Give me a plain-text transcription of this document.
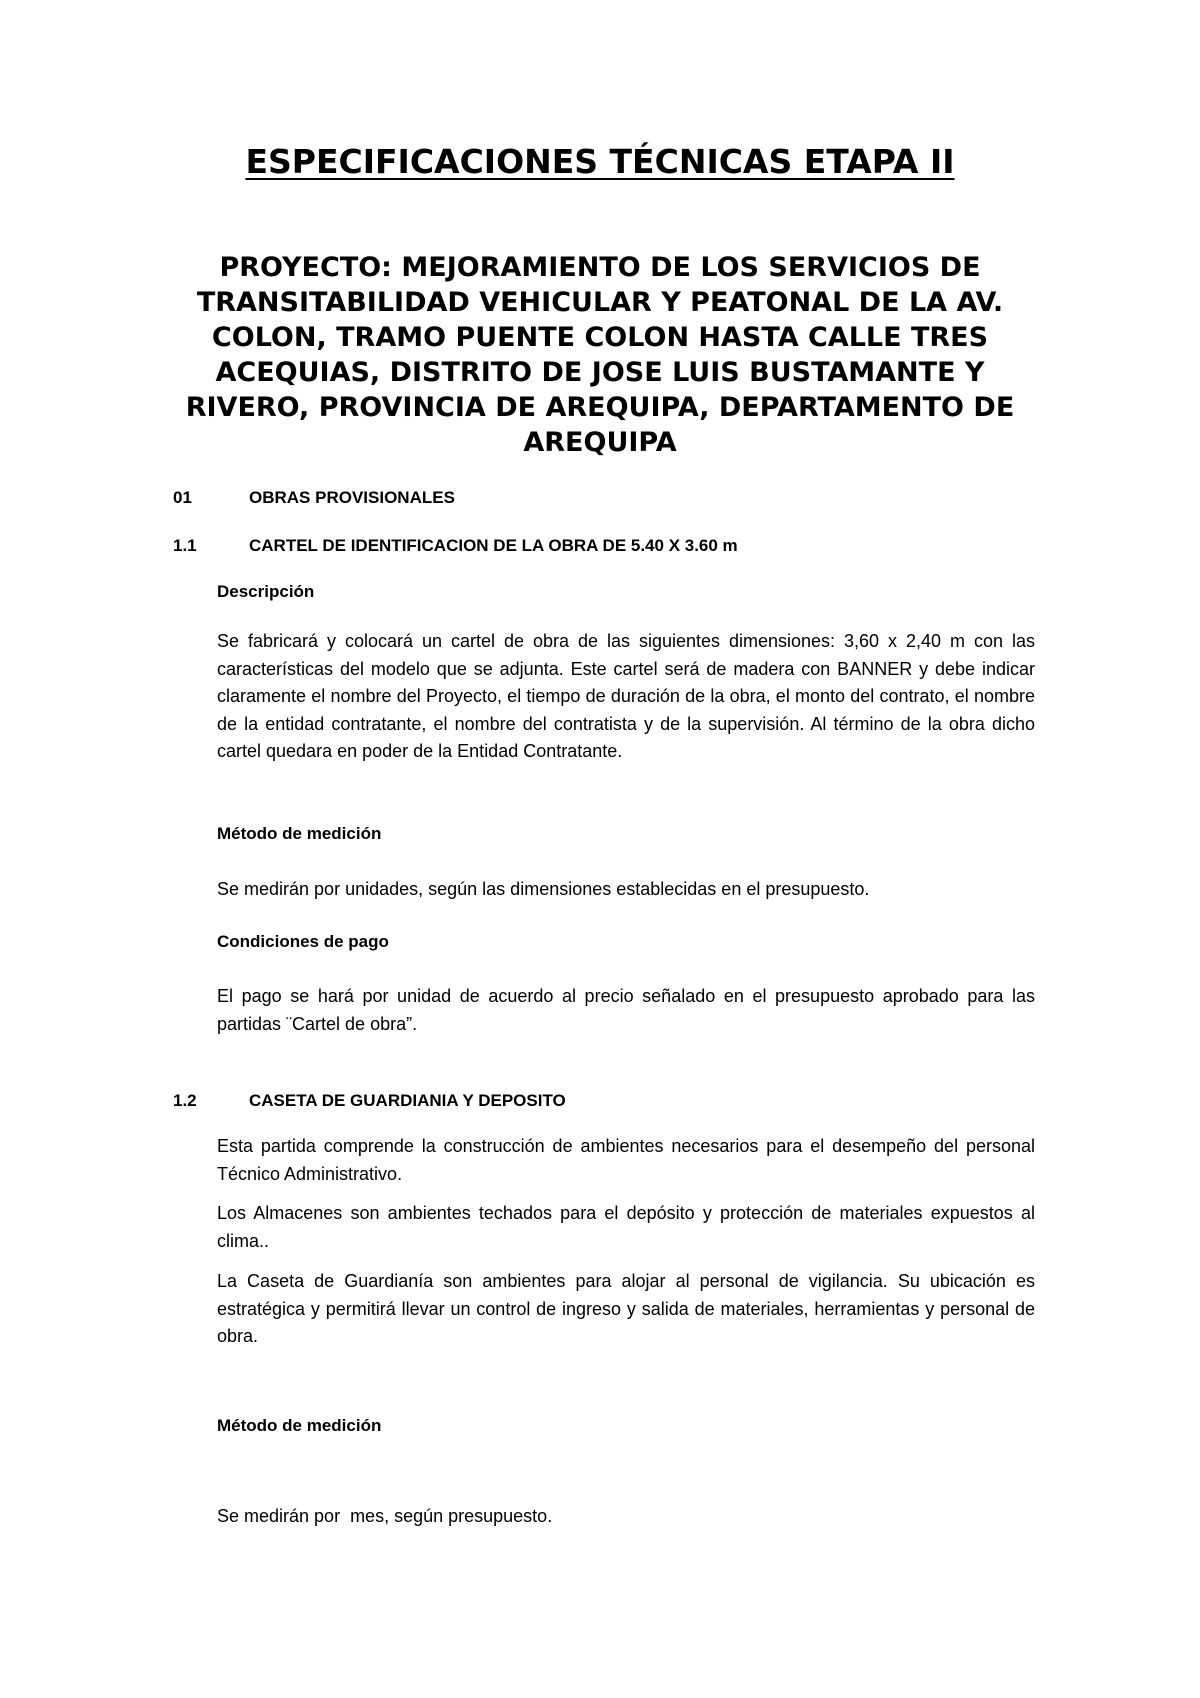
ESPECIFICACIONES TÉCNICAS ETAPA II

PROYECTO: MEJORAMIENTO DE LOS SERVICIOS DE TRANSITABILIDAD VEHICULAR Y PEATONAL DE LA AV. COLON, TRAMO PUENTE COLON HASTA CALLE TRES ACEQUIAS, DISTRITO DE JOSE LUIS BUSTAMANTE Y RIVERO, PROVINCIA DE AREQUIPA, DEPARTAMENTO DE AREQUIPA

01	OBRAS PROVISIONALES
1.1	CARTEL DE IDENTIFICACION DE LA OBRA DE 5.40 X 3.60 m
Descripción

Se fabricará y colocará un cartel de obra de las siguientes dimensiones: 3,60 x 2,40 m con las características del modelo que se adjunta. Este cartel será de madera con BANNER y debe indicar claramente el nombre del Proyecto, el tiempo de duración de la obra, el monto del contrato, el nombre de la entidad contratante, el nombre del contratista y de la supervisión. Al término de la obra dicho cartel quedara en poder de la Entidad Contratante.

Método de medición

Se medirán por unidades, según las dimensiones establecidas en el presupuesto.

Condiciones de pago

El pago se hará por unidad de acuerdo al precio señalado en el presupuesto aprobado para las partidas ¨Cartel de obra”.

1.2	CASETA DE GUARDIANIA Y DEPOSITO

Esta partida comprende la construcción de ambientes necesarios para el desempeño del personal Técnico Administrativo.

Los Almacenes son ambientes techados para el depósito y protección de materiales expuestos al clima..

La Caseta de Guardianía son ambientes para alojar al personal de vigilancia. Su ubicación es estratégica y permitirá llevar un control de ingreso y salida de materiales, herramientas y personal de obra.

Método de medición

Se medirán por  mes, según presupuesto.
